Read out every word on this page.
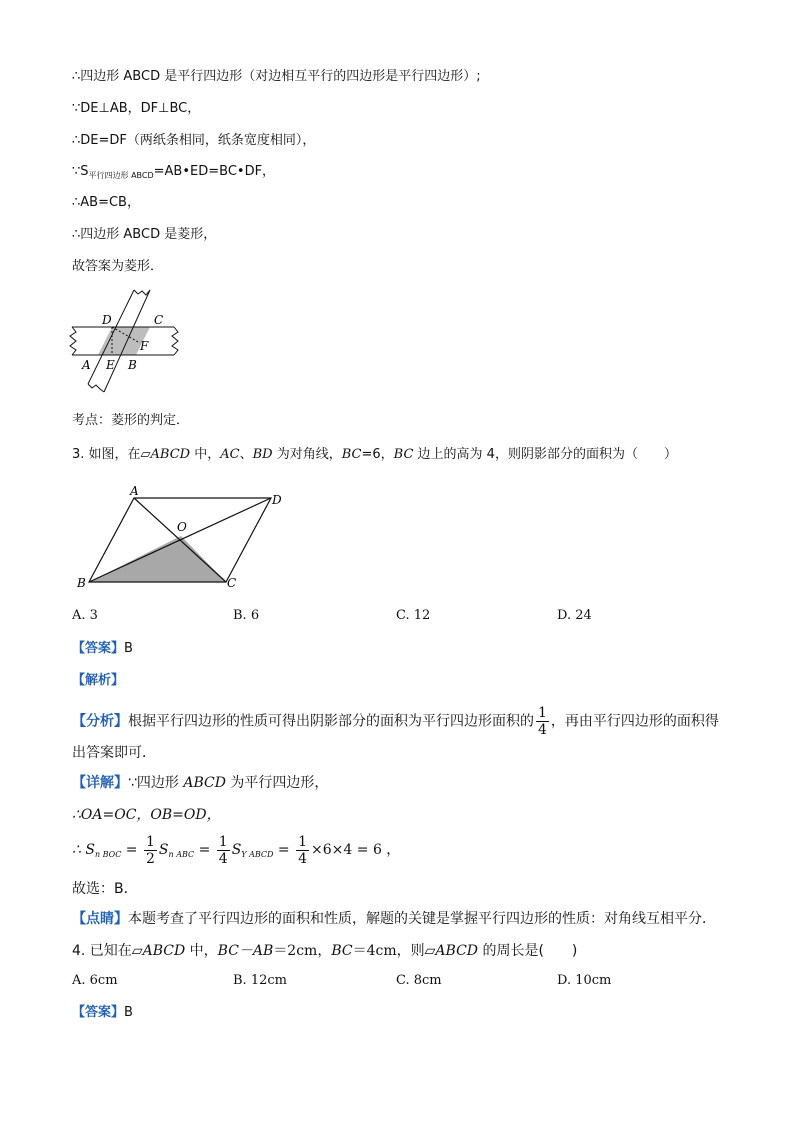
∴四边形 ABCD 是平行四边形（对边相互平行的四边形是平行四边形）;
∵DE⊥AB，DF⊥BC，
∴DE=DF（两纸条相同，纸条宽度相同），
$\because S_{平行四边形 ABCD}=AB•ED=BC•DF$，
∴AB=CB，
∴四边形 ABCD 是菱形，
故答案为菱形．
D	C
F
A E B
考点：菱形的判定．
3. 如图，在▱ABCD 中，AC、BD 为对角线，BC=6，BC 边上的高为 4，则阴影部分的面积为（　　）
A
D
O
B	C
A. 3	B. 6	C. 12	D. 24
【答案】B
【解析】
【分析】根据平行四边形的性质可得出阴影部分的面积为平行四边形面积的 $\frac{1}{4}$ ，再由平行四边形的面积得
出答案即可．
【详解】∵四边形 ABCD 为平行四边形，
∴OA=OC，OB=OD，
∴ $S_{n BOC} = \frac{1}{2} S_{n ABC} = \frac{1}{4} S_{Y ABCD} = \frac{1}{4} \times 6\times 4 = 6$ ，
故选：B．
【点睛】本题考查了平行四边形的面积和性质，解题的关键是掌握平行四边形的性质：对角线互相平分．
4. 已知在▱ABCD 中，BC－AB＝2cm，BC＝4cm，则▱ABCD 的周长是(　　)
A. 6cm	B. 12cm	C. 8cm	D. 10cm
【答案】B
